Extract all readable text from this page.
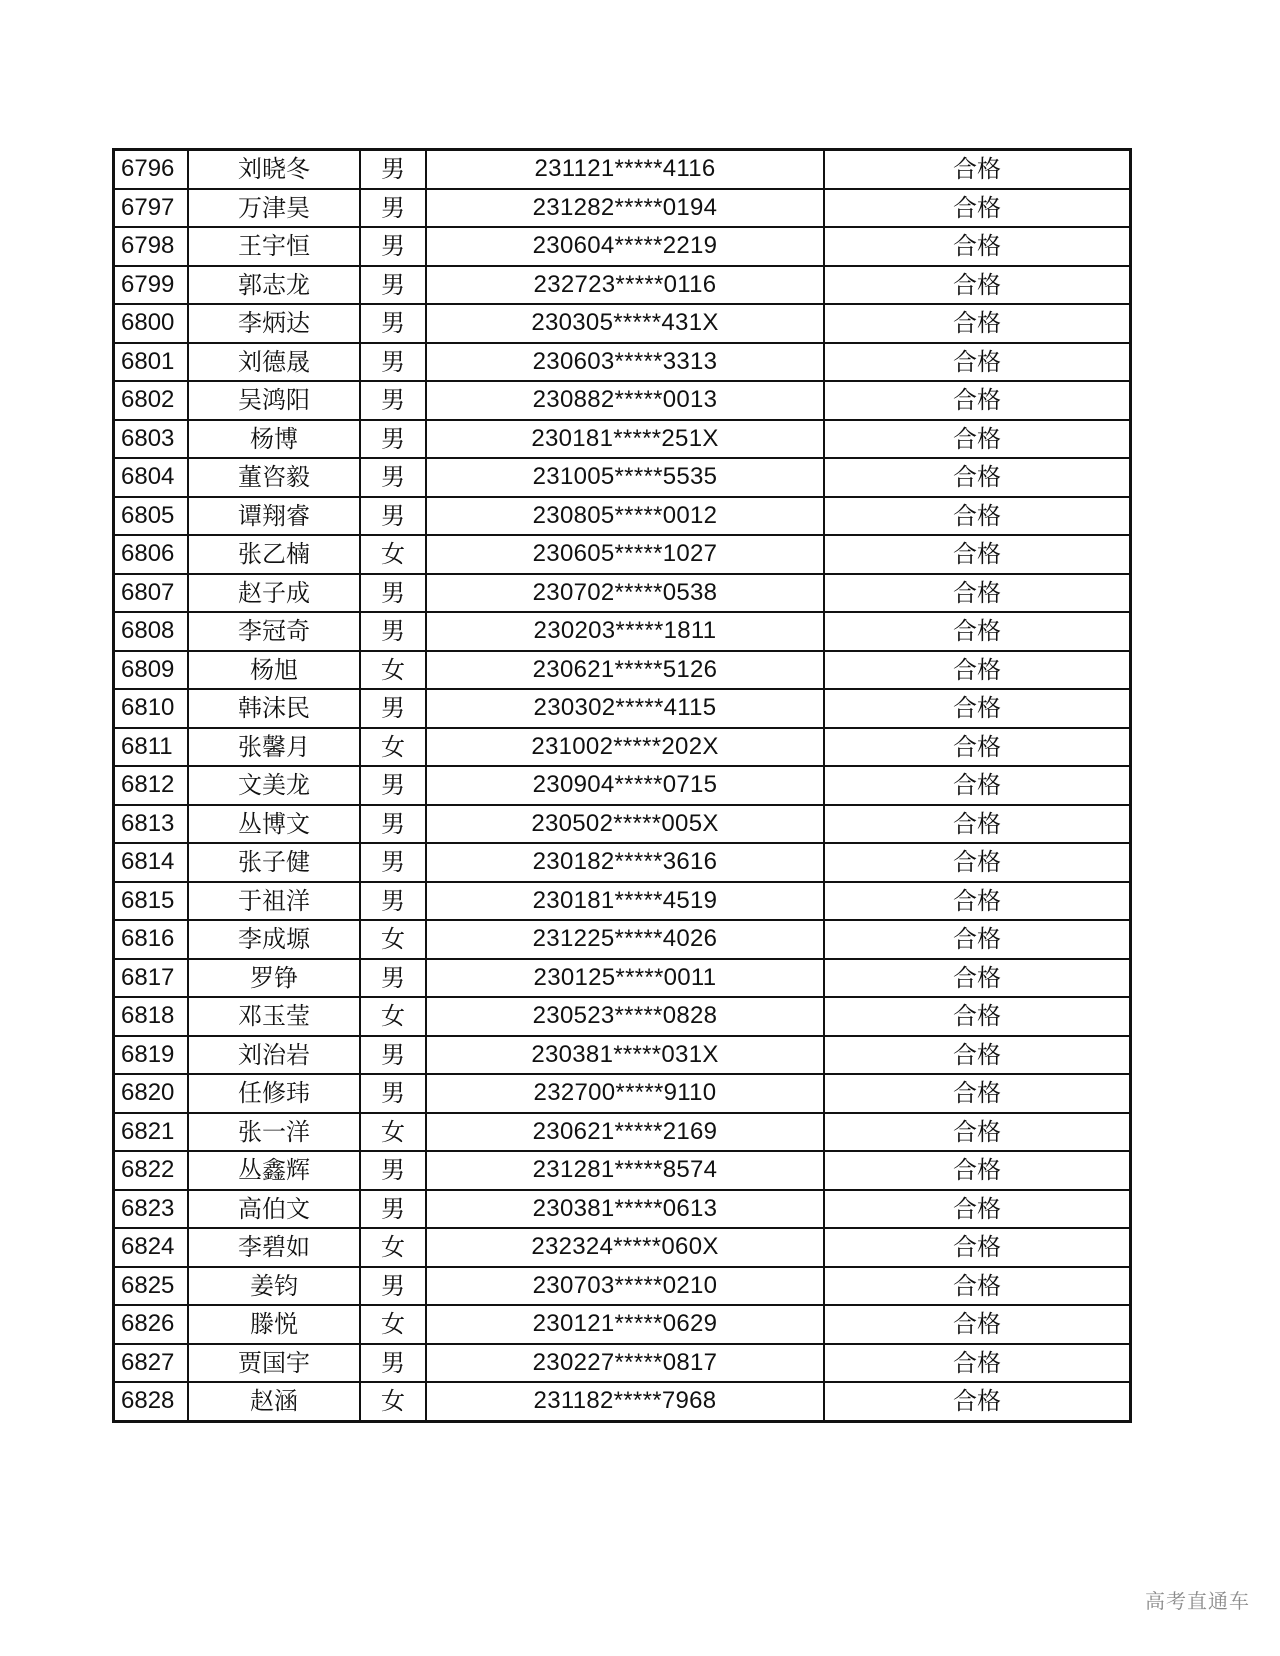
6796	刘晓冬	男	231121*****4116	合格
6797	万津昊	男	231282*****0194	合格
6798	王宇恒	男	230604*****2219	合格
6799	郭志龙	男	232723*****0116	合格
6800	李炳达	男	230305*****431X	合格
6801	刘德晟	男	230603*****3313	合格
6802	吴鸿阳	男	230882*****0013	合格
6803	杨博	男	230181*****251X	合格
6804	董咨毅	男	231005*****5535	合格
6805	谭翔睿	男	230805*****0012	合格
6806	张乙楠	女	230605*****1027	合格
6807	赵子成	男	230702*****0538	合格
6808	李冠奇	男	230203*****1811	合格
6809	杨旭	女	230621*****5126	合格
6810	韩沫民	男	230302*****4115	合格
6811	张馨月	女	231002*****202X	合格
6812	文美龙	男	230904*****0715	合格
6813	丛博文	男	230502*****005X	合格
6814	张子健	男	230182*****3616	合格
6815	于祖洋	男	230181*****4519	合格
6816	李成塬	女	231225*****4026	合格
6817	罗铮	男	230125*****0011	合格
6818	邓玉莹	女	230523*****0828	合格
6819	刘治岩	男	230381*****031X	合格
6820	任修玮	男	232700*****9110	合格
6821	张一洋	女	230621*****2169	合格
6822	丛鑫辉	男	231281*****8574	合格
6823	高伯文	男	230381*****0613	合格
6824	李碧如	女	232324*****060X	合格
6825	姜钧	男	230703*****0210	合格
6826	滕悦	女	230121*****0629	合格
6827	贾国宇	男	230227*****0817	合格
6828	赵涵	女	231182*****7968	合格
高考直通车
